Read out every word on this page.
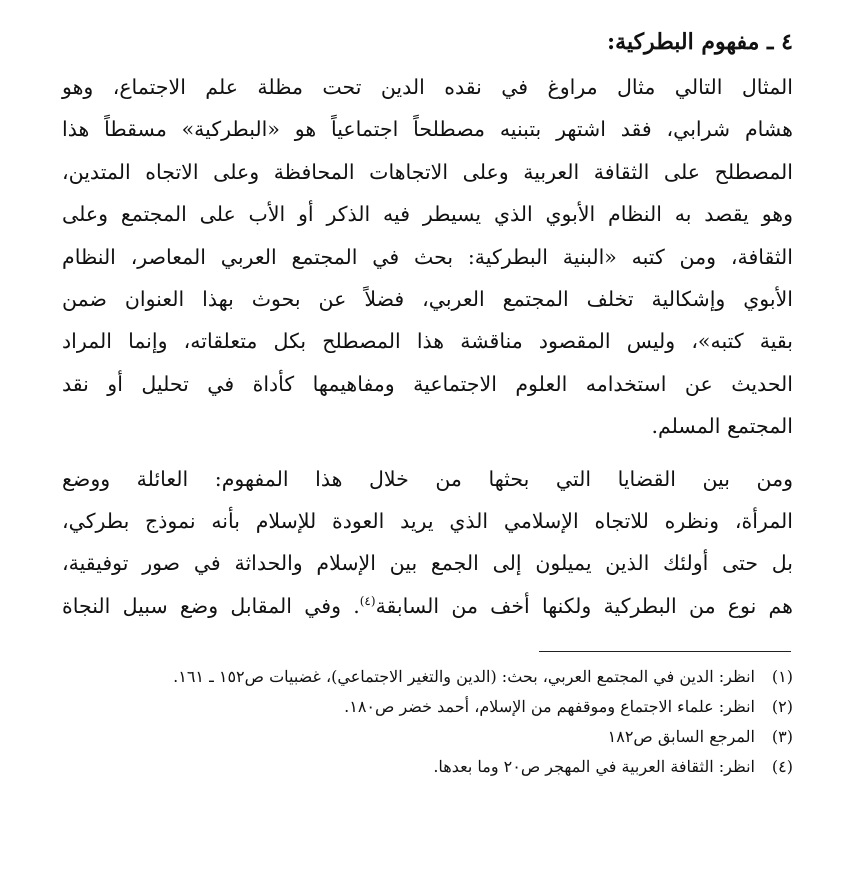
٤ ـ مفهوم البطركية:

المثال التالي مثال مراوغ في نقده الدين تحت مظلة علم الاجتماع، وهو
هشام شرابي، فقد اشتهر بتبنيه مصطلحاً اجتماعياً هو «البطركية» مسقطاً هذا
المصطلح على الثقافة العربية وعلى الاتجاهات المحافظة وعلى الاتجاه المتدين،
وهو يقصد به النظام الأبوي الذي يسيطر فيه الذكر أو الأب على المجتمع وعلى
الثقافة، ومن كتبه «البنية البطركية: بحث في المجتمع العربي المعاصر، النظام
الأبوي وإشكالية تخلف المجتمع العربي، فضلاً عن بحوث بهذا العنوان ضمن
بقية كتبه»، وليس المقصود مناقشة هذا المصطلح بكل متعلقاته، وإنما المراد
الحديث عن استخدامه العلوم الاجتماعية ومفاهيمها كأداة في تحليل أو نقد
المجتمع المسلم.

ومن بين القضايا التي بحثها من خلال هذا المفهوم: العائلة ووضع
المرأة، ونظره للاتجاه الإسلامي الذي يريد العودة للإسلام بأنه نموذج بطركي،
بل حتى أولئك الذين يميلون إلى الجمع بين الإسلام والحداثة في صور توفيقية،
هم نوع من البطركية ولكنها أخف من السابقة$^{(٤)}$. وفي المقابل وضع سبيل النجاة

(١)
انظر: الدين في المجتمع العربي، بحث: (الدين والتغير الاجتماعي)، غضبيات ص١٥٢ ـ ١٦١.
(٢)
انظر: علماء الاجتماع وموقفهم من الإسلام، أحمد خضر ص١٨٠.
(٣)
المرجع السابق ص١٨٢
(٤)
انظر: الثقافة العربية في المهجر ص٢٠ وما بعدها.
